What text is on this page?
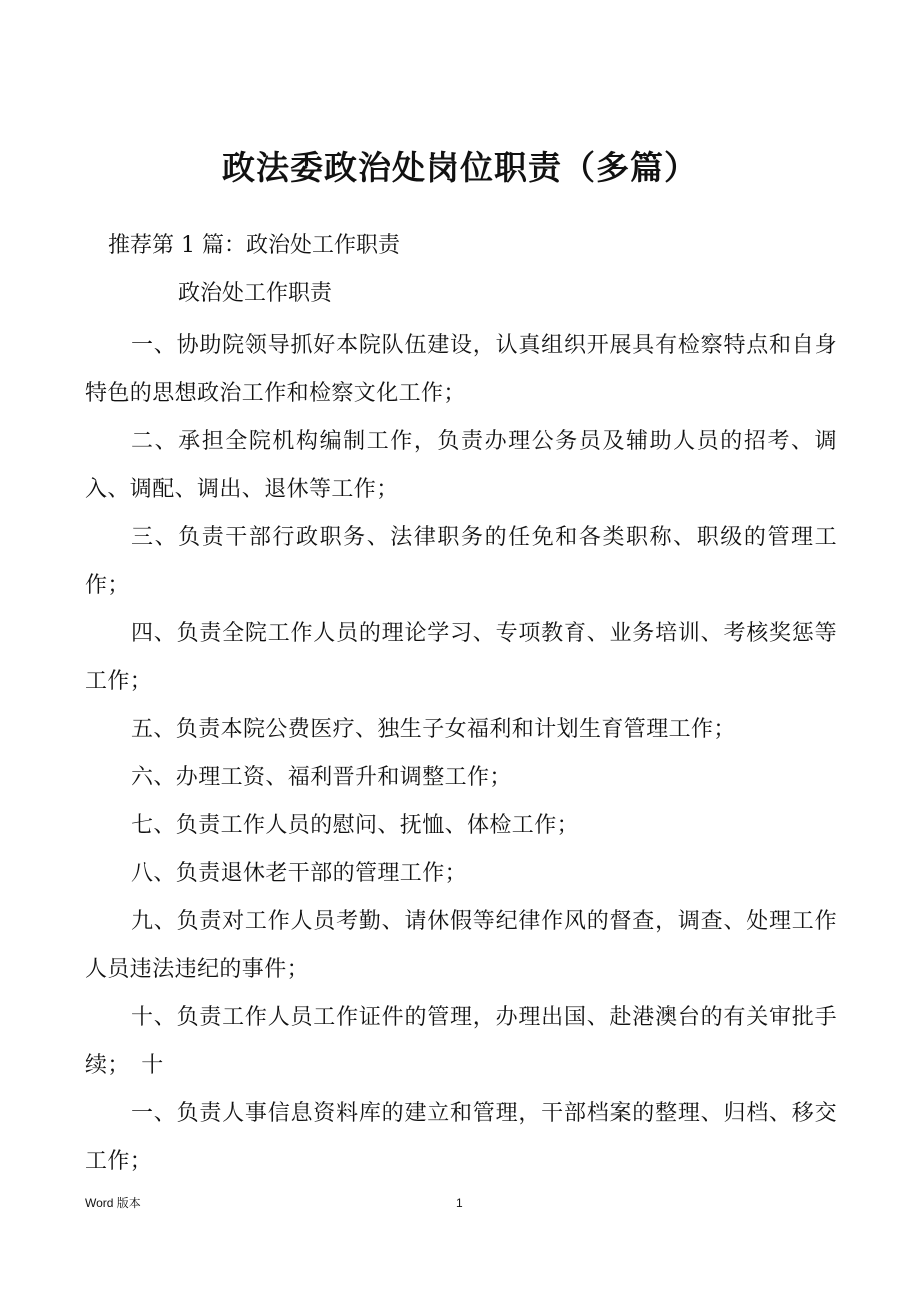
政法委政治处岗位职责（多篇）
推荐第 1 篇：政治处工作职责
政治处工作职责

一、协助院领导抓好本院队伍建设，认真组织开展具有检察特点和自身特色的思想政治工作和检察文化工作；

二、承担全院机构编制工作，负责办理公务员及辅助人员的招考、调入、调配、调出、退休等工作；

三、负责干部行政职务、法律职务的任免和各类职称、职级的管理工作；

四、负责全院工作人员的理论学习、专项教育、业务培训、考核奖惩等工作；

五、负责本院公费医疗、独生子女福利和计划生育管理工作；

六、办理工资、福利晋升和调整工作；

七、负责工作人员的慰问、抚恤、体检工作；

八、负责退休老干部的管理工作；

九、负责对工作人员考勤、请休假等纪律作风的督查，调查、处理工作人员违法违纪的事件；

十、负责工作人员工作证件的管理，办理出国、赴港澳台的有关审批手续；　十

一、负责人事信息资料库的建立和管理，干部档案的整理、归档、移交工作；

Word 版本	1
